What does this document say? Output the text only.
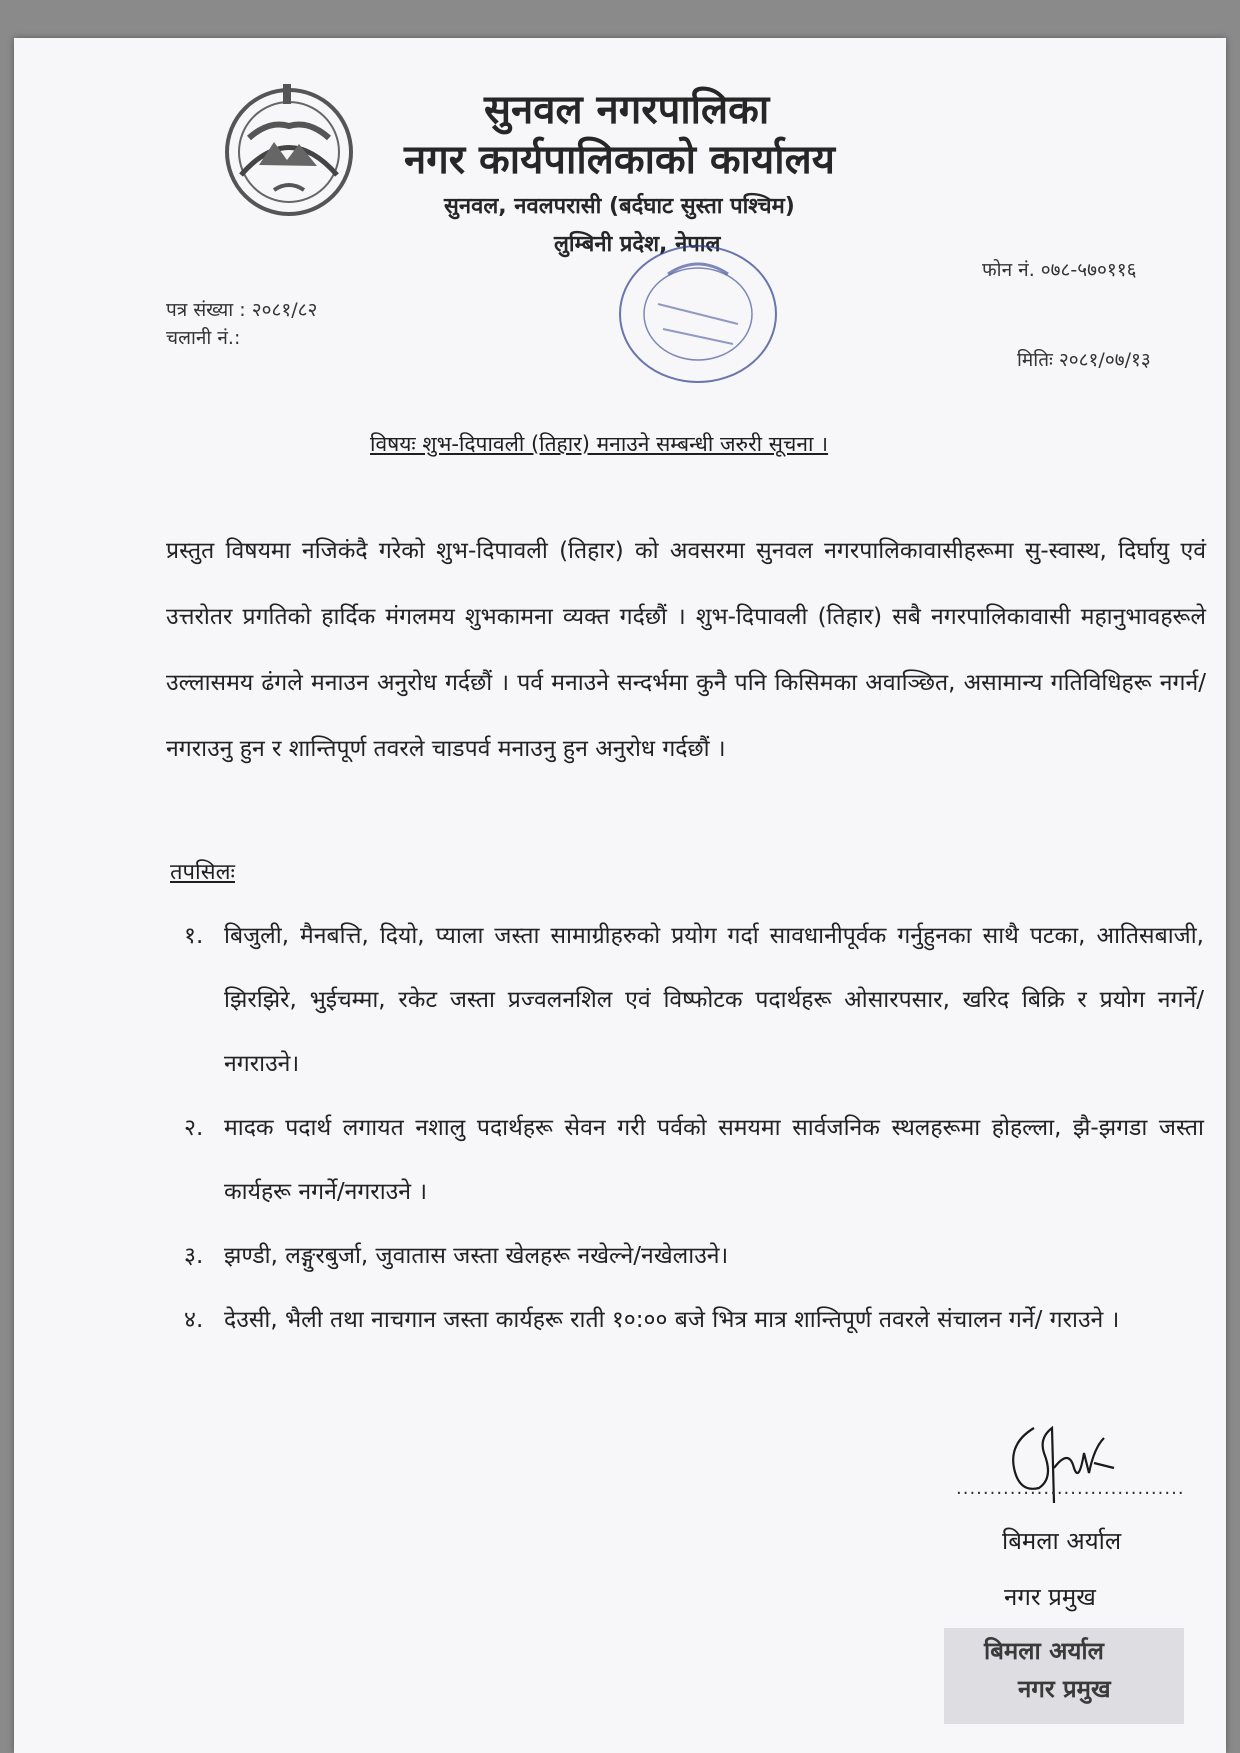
सुनवल नगरपालिका
नगर कार्यपालिकाको कार्यालय
सुनवल, नवलपरासी (बर्दघाट सुस्ता पश्चिम)
लुम्बिनी प्रदेश, नेपाल
फोन नं. ०७८-५७०११६
पत्र संख्या : २०८१/८२
चलानी नं.:
मितिः २०८१/०७/१३
विषयः शुभ-दिपावली (तिहार) मनाउने सम्बन्धी जरुरी सूचना ।
प्रस्तुत विषयमा नजिकंदै गरेको शुभ-दिपावली (तिहार) को अवसरमा सुनवल नगरपालिकावासीहरूमा सु-स्वास्थ, दिर्घायु एवं उत्तरोतर प्रगतिको हार्दिक मंगलमय शुभकामना व्यक्त गर्दछौं । शुभ-दिपावली (तिहार) सबै नगरपालिकावासी महानुभावहरूले उल्लासमय ढंगले मनाउन अनुरोध गर्दछौं । पर्व मनाउने सन्दर्भमा कुनै पनि किसिमका अवाञ्छित, असामान्य गतिविधिहरू नगर्न/नगराउनु हुन र शान्तिपूर्ण तवरले चाडपर्व मनाउनु हुन अनुरोध गर्दछौं ।
तपसिलः
१. बिजुली, मैनबत्ति, दियो, प्याला जस्ता सामाग्रीहरुको प्रयोग गर्दा सावधानीपूर्वक गर्नुहुनका साथै पटका, आतिसबाजी, झिरझिरे, भुईचम्मा, रकेट जस्ता प्रज्वलनशिल एवं विष्फोटक पदार्थहरू ओसारपसार, खरिद बिक्रि र प्रयोग नगर्ने/नगराउने।
२. मादक पदार्थ लगायत नशालु पदार्थहरू सेवन गरी पर्वको समयमा सार्वजनिक स्थलहरूमा होहल्ला, झै-झगडा जस्ता कार्यहरू नगर्ने/नगराउने ।
३. झण्डी, लङ्गुरबुर्जा, जुवातास जस्ता खेलहरू नखेल्ने/नखेलाउने।
४. देउसी, भैली तथा नाचगान जस्ता कार्यहरू राती १०:०० बजे भित्र मात्र शान्तिपूर्ण तवरले संचालन गर्ने/ गराउने ।
..................................
बिमला अर्याल
नगर प्रमुख
बिमला अर्याल
नगर प्रमुख
